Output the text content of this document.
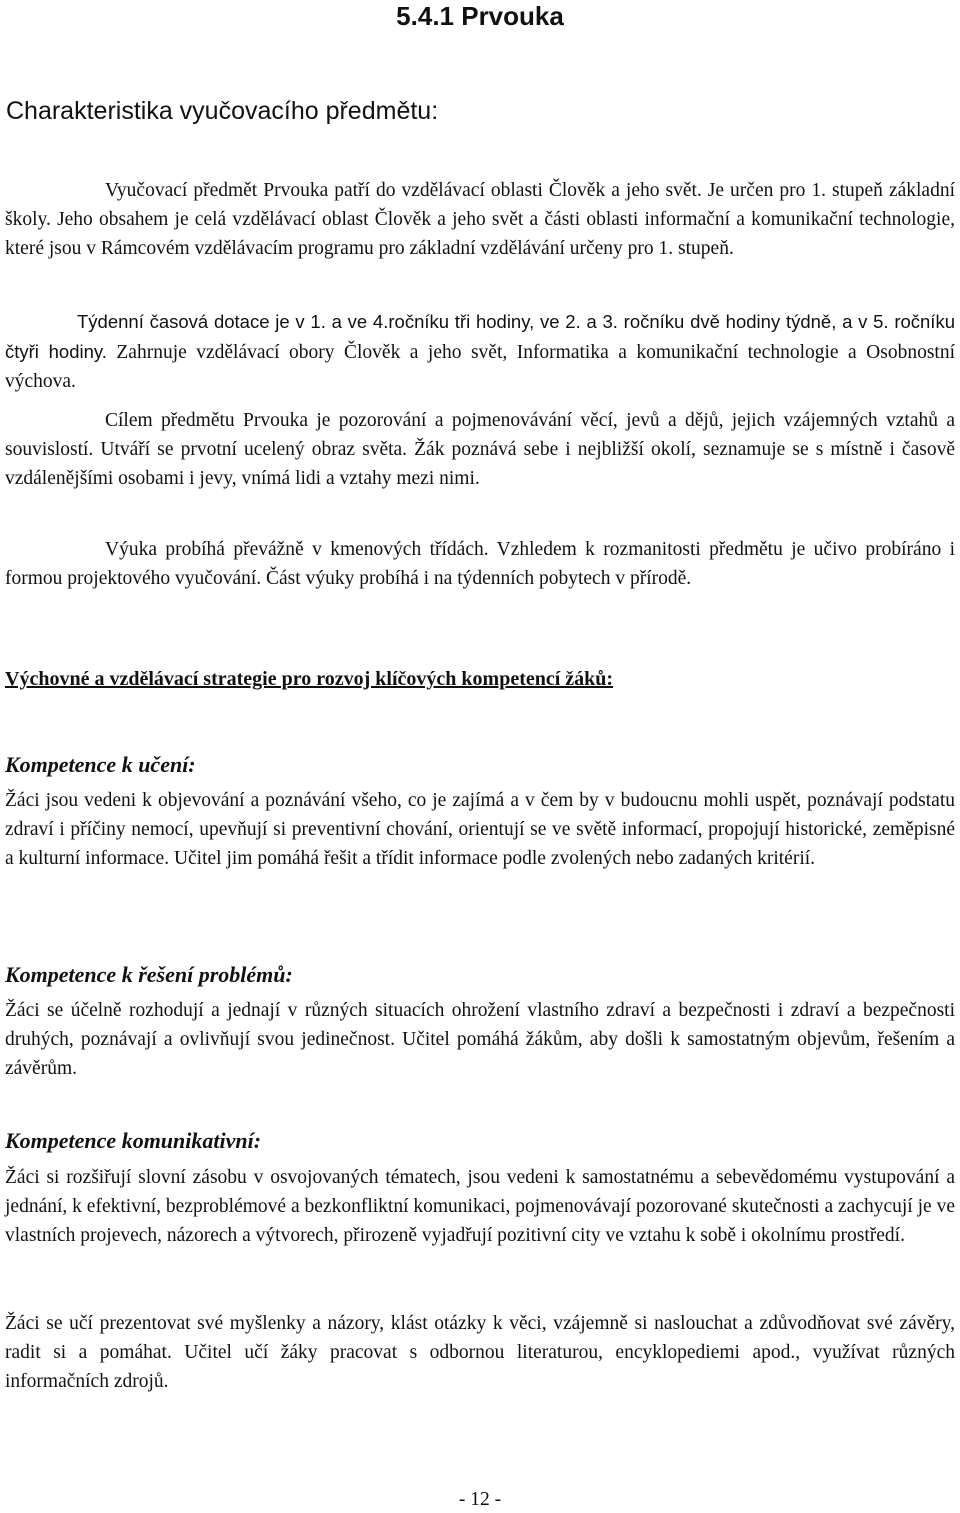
5.4.1 Prvouka
Charakteristika vyučovacího předmětu:

Vyučovací předmět Prvouka patří do vzdělávací oblasti Člověk a jeho svět. Je určen pro 1. stupeň základní školy. Jeho obsahem je celá vzdělávací oblast Člověk a jeho svět a části oblasti informační a komunikační technologie, které jsou v Rámcovém vzdělávacím programu pro základní vzdělávání určeny pro 1. stupeň.

Týdenní časová dotace je v 1. a ve 4.ročníku tři hodiny, ve 2. a 3. ročníku dvě hodiny týdně, a v 5. ročníku čtyři hodiny. Zahrnuje vzdělávací obory Člověk a jeho svět, Informatika a komunikační technologie a Osobnostní výchova.

Cílem předmětu Prvouka je pozorování a pojmenovávání věcí, jevů a dějů, jejich vzájemných vztahů a souvislostí. Utváří se prvotní ucelený obraz světa. Žák poznává sebe i nejbližší okolí, seznamuje se s místně i časově vzdálenějšími osobami i jevy, vnímá lidi a vztahy mezi nimi.

Výuka probíhá převážně v kmenových třídách. Vzhledem k rozmanitosti předmětu je učivo probíráno i formou projektového vyučování. Část výuky probíhá i na týdenních pobytech v přírodě.

Výchovné a vzdělávací strategie pro rozvoj klíčových kompetencí žáků:
Kompetence k učení:

Žáci jsou vedeni k objevování a poznávání všeho, co je zajímá a v čem by v budoucnu mohli uspět, poznávají podstatu zdraví i příčiny nemocí, upevňují si preventivní chování, orientují se ve světě informací, propojují historické, zeměpisné a kulturní informace. Učitel jim pomáhá řešit a třídit informace podle zvolených nebo zadaných kritérií.

Kompetence k řešení problémů:

Žáci se účelně rozhodují a jednají v různých situacích ohrožení vlastního zdraví a bezpečnosti i zdraví a bezpečnosti druhých, poznávají a ovlivňují svou jedinečnost. Učitel pomáhá žákům, aby došli k samostatným objevům, řešením a závěrům.

Kompetence komunikativní:

Žáci si rozšiřují slovní zásobu v osvojovaných tématech, jsou vedeni k samostatnému a sebevědomému vystupování a jednání, k efektivní, bezproblémové a bezkonfliktní komunikaci, pojmenovávají pozorované skutečnosti a zachycují je ve vlastních projevech, názorech a výtvorech, přirozeně vyjadřují pozitivní city ve vztahu k sobě i okolnímu prostředí.

Žáci se učí prezentovat své myšlenky a názory, klást otázky k věci, vzájemně si naslouchat a zdůvodňovat své závěry, radit si a pomáhat. Učitel učí žáky pracovat s odbornou literaturou, encyklopediemi apod., využívat různých informačních zdrojů.

- 12 -
